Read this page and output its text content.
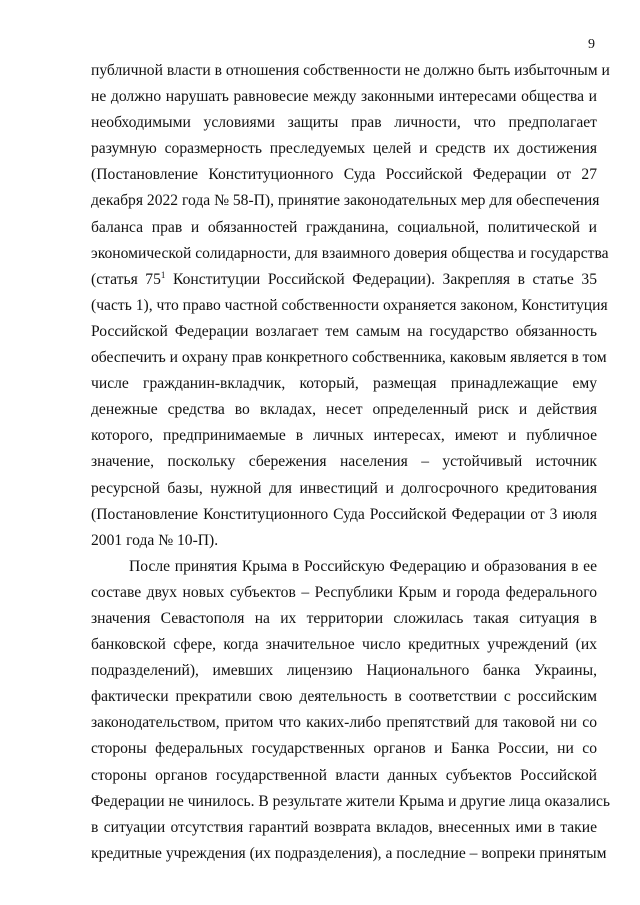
9
публичной власти в отношения собственности не должно быть избыточным и
не должно нарушать равновесие между законными интересами общества и
необходимыми условиями защиты прав личности, что предполагает
разумную соразмерность преследуемых целей и средств их достижения
(Постановление Конституционного Суда Российской Федерации от 27
декабря 2022 года № 58-П), принятие законодательных мер для обеспечения
баланса прав и обязанностей гражданина, социальной, политической и
экономической солидарности, для взаимного доверия общества и государства
(статья $75^1$ Конституции Российской Федерации). Закрепляя в статье 35
(часть 1), что право частной собственности охраняется законом, Конституция
Российской Федерации возлагает тем самым на государство обязанность
обеспечить и охрану прав конкретного собственника, каковым является в том
числе гражданин-вкладчик, который, размещая принадлежащие ему
денежные средства во вкладах, несет определенный риск и действия
которого, предпринимаемые в личных интересах, имеют и публичное
значение, поскольку сбережения населения – устойчивый источник
ресурсной базы, нужной для инвестиций и долгосрочного кредитования
(Постановление Конституционного Суда Российской Федерации от 3 июля
2001 года № 10-П).
После принятия Крыма в Российскую Федерацию и образования в ее
составе двух новых субъектов – Республики Крым и города федерального
значения Севастополя на их территории сложилась такая ситуация в
банковской сфере, когда значительное число кредитных учреждений (их
подразделений), имевших лицензию Национального банка Украины,
фактически прекратили свою деятельность в соответствии с российским
законодательством, притом что каких-либо препятствий для таковой ни со
стороны федеральных государственных органов и Банка России, ни со
стороны органов государственной власти данных субъектов Российской
Федерации не чинилось. В результате жители Крыма и другие лица оказались
в ситуации отсутствия гарантий возврата вкладов, внесенных ими в такие
кредитные учреждения (их подразделения), а последние – вопреки принятым
